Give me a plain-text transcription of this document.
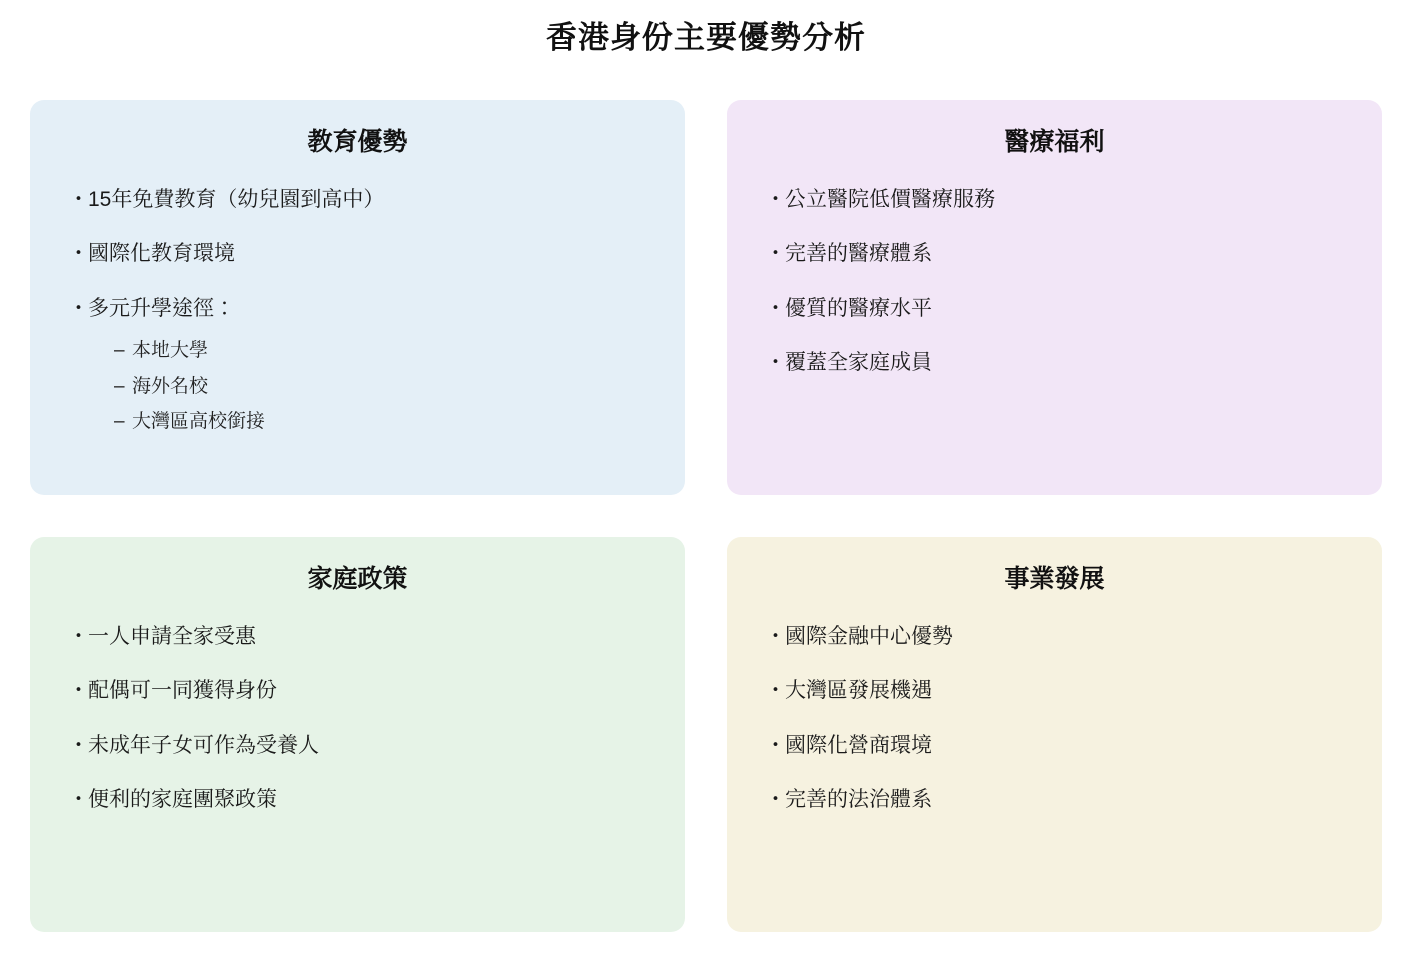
香港身份主要優勢分析
教育優勢
・ 15年免費教育（幼兒園到高中）
・ 國際化教育環境
・ 多元升學途徑：
– 本地大學
– 海外名校
– 大灣區高校銜接
醫療福利
・ 公立醫院低價醫療服務
・ 完善的醫療體系
・ 優質的醫療水平
・ 覆蓋全家庭成員
家庭政策
・ 一人申請全家受惠
・ 配偶可一同獲得身份
・ 未成年子女可作為受養人
・ 便利的家庭團聚政策
事業發展
・ 國際金融中心優勢
・ 大灣區發展機遇
・ 國際化營商環境
・ 完善的法治體系
